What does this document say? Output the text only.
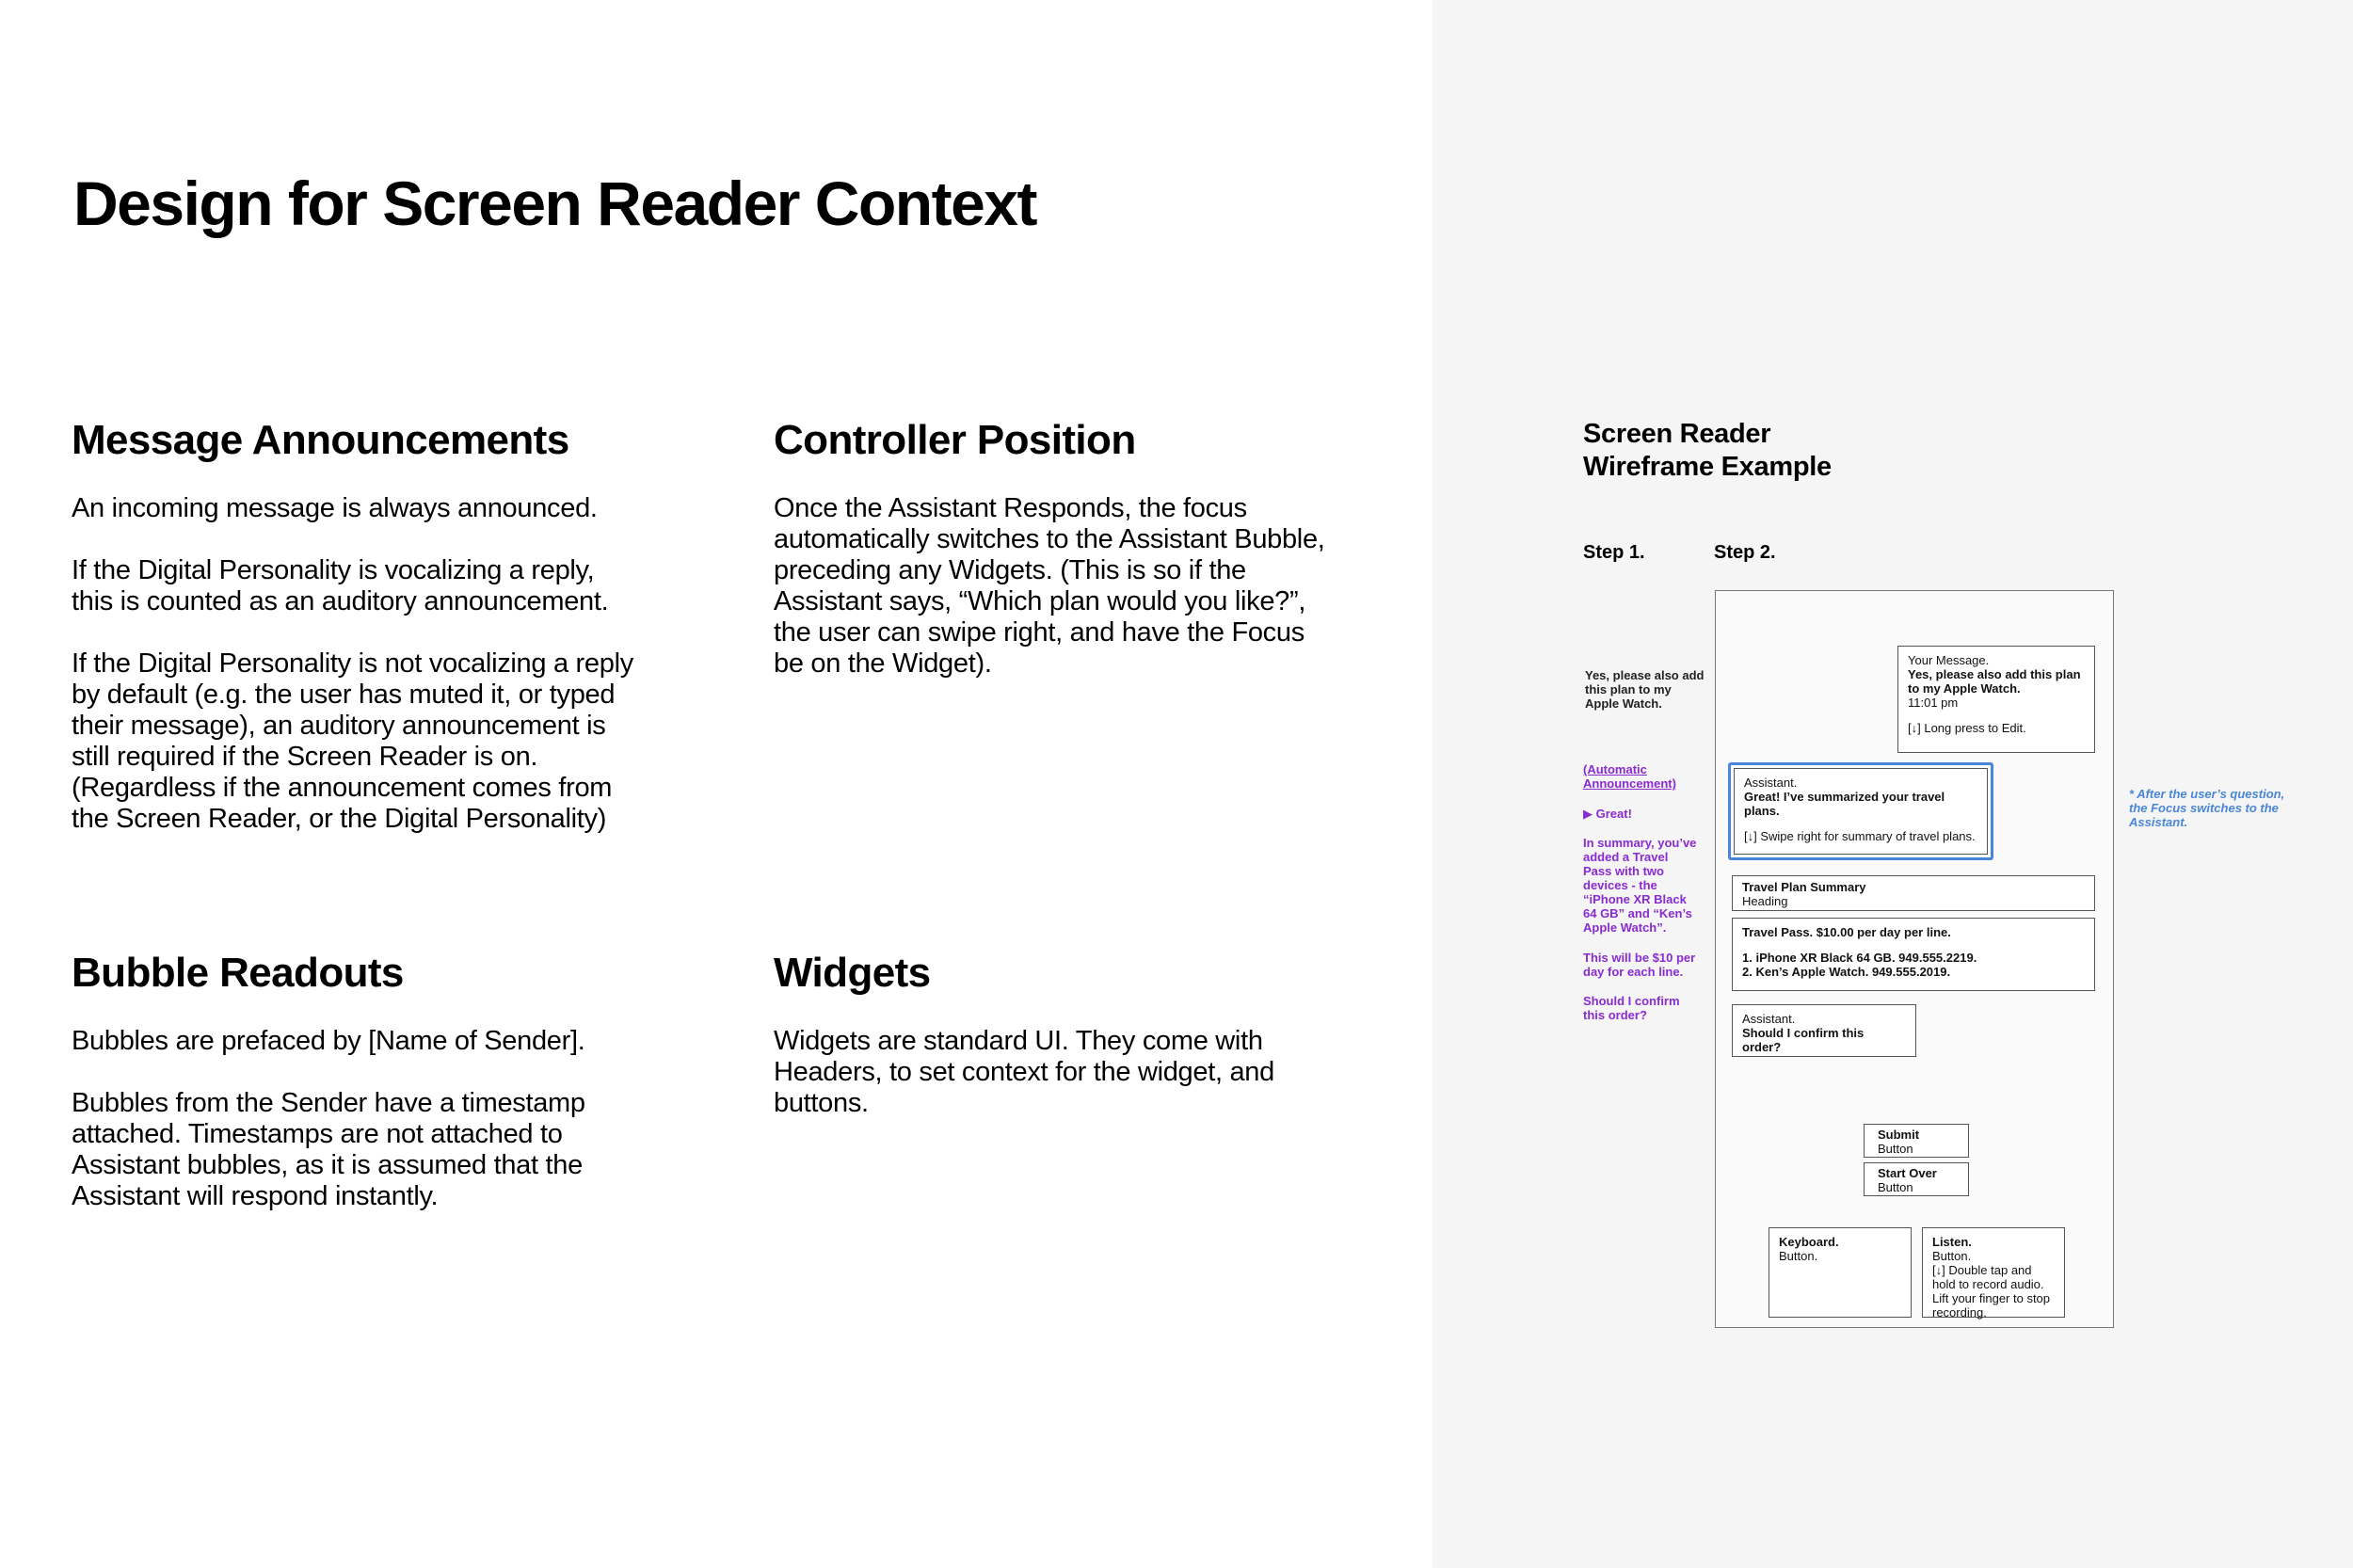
Design for Screen Reader Context
Message Announcements

An incoming message is always announced.

If the Digital Personality is vocalizing a reply, this is counted as an auditory announcement.

If the Digital Personality is not vocalizing a reply by default (e.g. the user has muted it, or typed their message), an auditory announcement is still required if the Screen Reader is on. (Regardless if the announcement comes from the Screen Reader, or the Digital Personality)

Controller Position

Once the Assistant Responds, the focus automatically switches to the Assistant Bubble, preceding any Widgets. (This is so if the Assistant says, “Which plan would you like?”, the user can swipe right, and have the Focus be on the Widget).

Bubble Readouts

Bubbles are prefaced by [Name of Sender].

Bubbles from the Sender have a timestamp attached. Timestamps are not attached to Assistant bubbles, as it is assumed that the Assistant will respond instantly.

Widgets

Widgets are standard UI. They come with Headers, to set context for the widget, and buttons.

Screen Reader
Wireframe Example
Step 1.	Step 2.
Yes, please also add this plan to my Apple Watch.
(Automatic Announcement)
▶ Great!
In summary, you’ve added a Travel Pass with two devices - the “iPhone XR Black 64 GB” and “Ken’s Apple Watch”.
This will be $10 per day for each line.
Should I confirm this order?
Your Message.
Yes, please also add this plan to my Apple Watch.
11:01 pm
[↓] Long press to Edit.
Assistant.
Great! I’ve summarized your travel plans.
[↓] Swipe right for summary of travel plans.
* After the user’s question, the Focus switches to the Assistant.
Travel Plan Summary
Heading
Travel Pass. $10.00 per day per line.
1. iPhone XR Black 64 GB. 949.555.2219.
2. Ken’s Apple Watch. 949.555.2019.
Assistant.
Should I confirm this order?
Submit
Button
Start Over
Button
Keyboard.
Button.
Listen.
Button.
[↓] Double tap and hold to record audio. Lift your finger to stop recording.
